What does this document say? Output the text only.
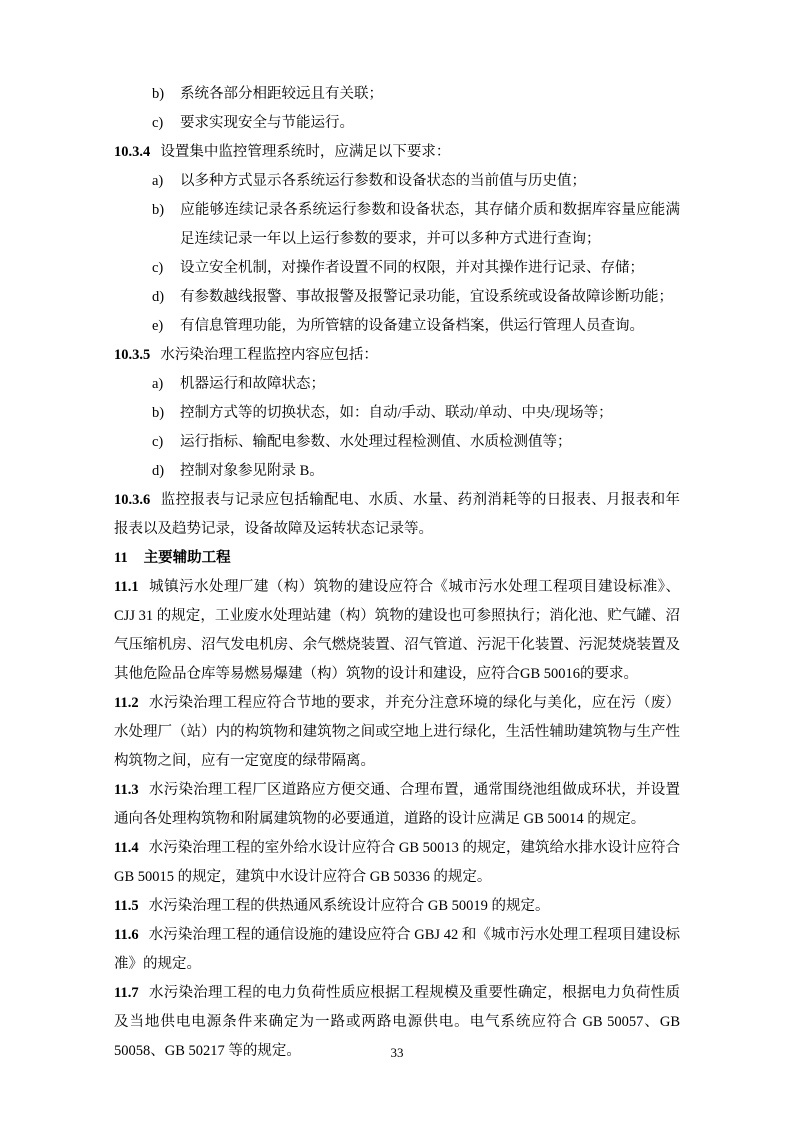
b) 系统各部分相距较远且有关联；
c) 要求实现安全与节能运行。
10.3.4 设置集中监控管理系统时，应满足以下要求：
a) 以多种方式显示各系统运行参数和设备状态的当前值与历史值；
b) 应能够连续记录各系统运行参数和设备状态，其存储介质和数据库容量应能满足连续记录一年以上运行参数的要求，并可以多种方式进行查询；
c) 设立安全机制，对操作者设置不同的权限，并对其操作进行记录、存储；
d) 有参数越线报警、事故报警及报警记录功能，宜设系统或设备故障诊断功能；
e) 有信息管理功能，为所管辖的设备建立设备档案，供运行管理人员查询。
10.3.5 水污染治理工程监控内容应包括：
a) 机器运行和故障状态；
b) 控制方式等的切换状态，如：自动/手动、联动/单动、中央/现场等；
c) 运行指标、输配电参数、水处理过程检测值、水质检测值等；
d) 控制对象参见附录 B。
10.3.6 监控报表与记录应包括输配电、水质、水量、药剂消耗等的日报表、月报表和年报表以及趋势记录，设备故障及运转状态记录等。
11 主要辅助工程
11.1 城镇污水处理厂建（构）筑物的建设应符合《城市污水处理工程项目建设标准》、CJJ 31 的规定，工业废水处理站建（构）筑物的建设也可参照执行；消化池、贮气罐、沼气压缩机房、沼气发电机房、余气燃烧装置、沼气管道、污泥干化装置、污泥焚烧装置及其他危险品仓库等易燃易爆建（构）筑物的设计和建设，应符合GB 50016的要求。
11.2 水污染治理工程应符合节地的要求，并充分注意环境的绿化与美化，应在污（废）水处理厂（站）内的构筑物和建筑物之间或空地上进行绿化，生活性辅助建筑物与生产性构筑物之间，应有一定宽度的绿带隔离。
11.3 水污染治理工程厂区道路应方便交通、合理布置，通常围绕池组做成环状，并设置通向各处理构筑物和附属建筑物的必要通道，道路的设计应满足 GB 50014 的规定。
11.4 水污染治理工程的室外给水设计应符合 GB 50013 的规定，建筑给水排水设计应符合 GB 50015 的规定，建筑中水设计应符合 GB 50336 的规定。
11.5 水污染治理工程的供热通风系统设计应符合 GB 50019 的规定。
11.6 水污染治理工程的通信设施的建设应符合 GBJ 42 和《城市污水处理工程项目建设标准》的规定。
11.7 水污染治理工程的电力负荷性质应根据工程规模及重要性确定，根据电力负荷性质及当地供电电源条件来确定为一路或两路电源供电。电气系统应符合 GB 50057、GB 50058、GB 50217 等的规定。	33
